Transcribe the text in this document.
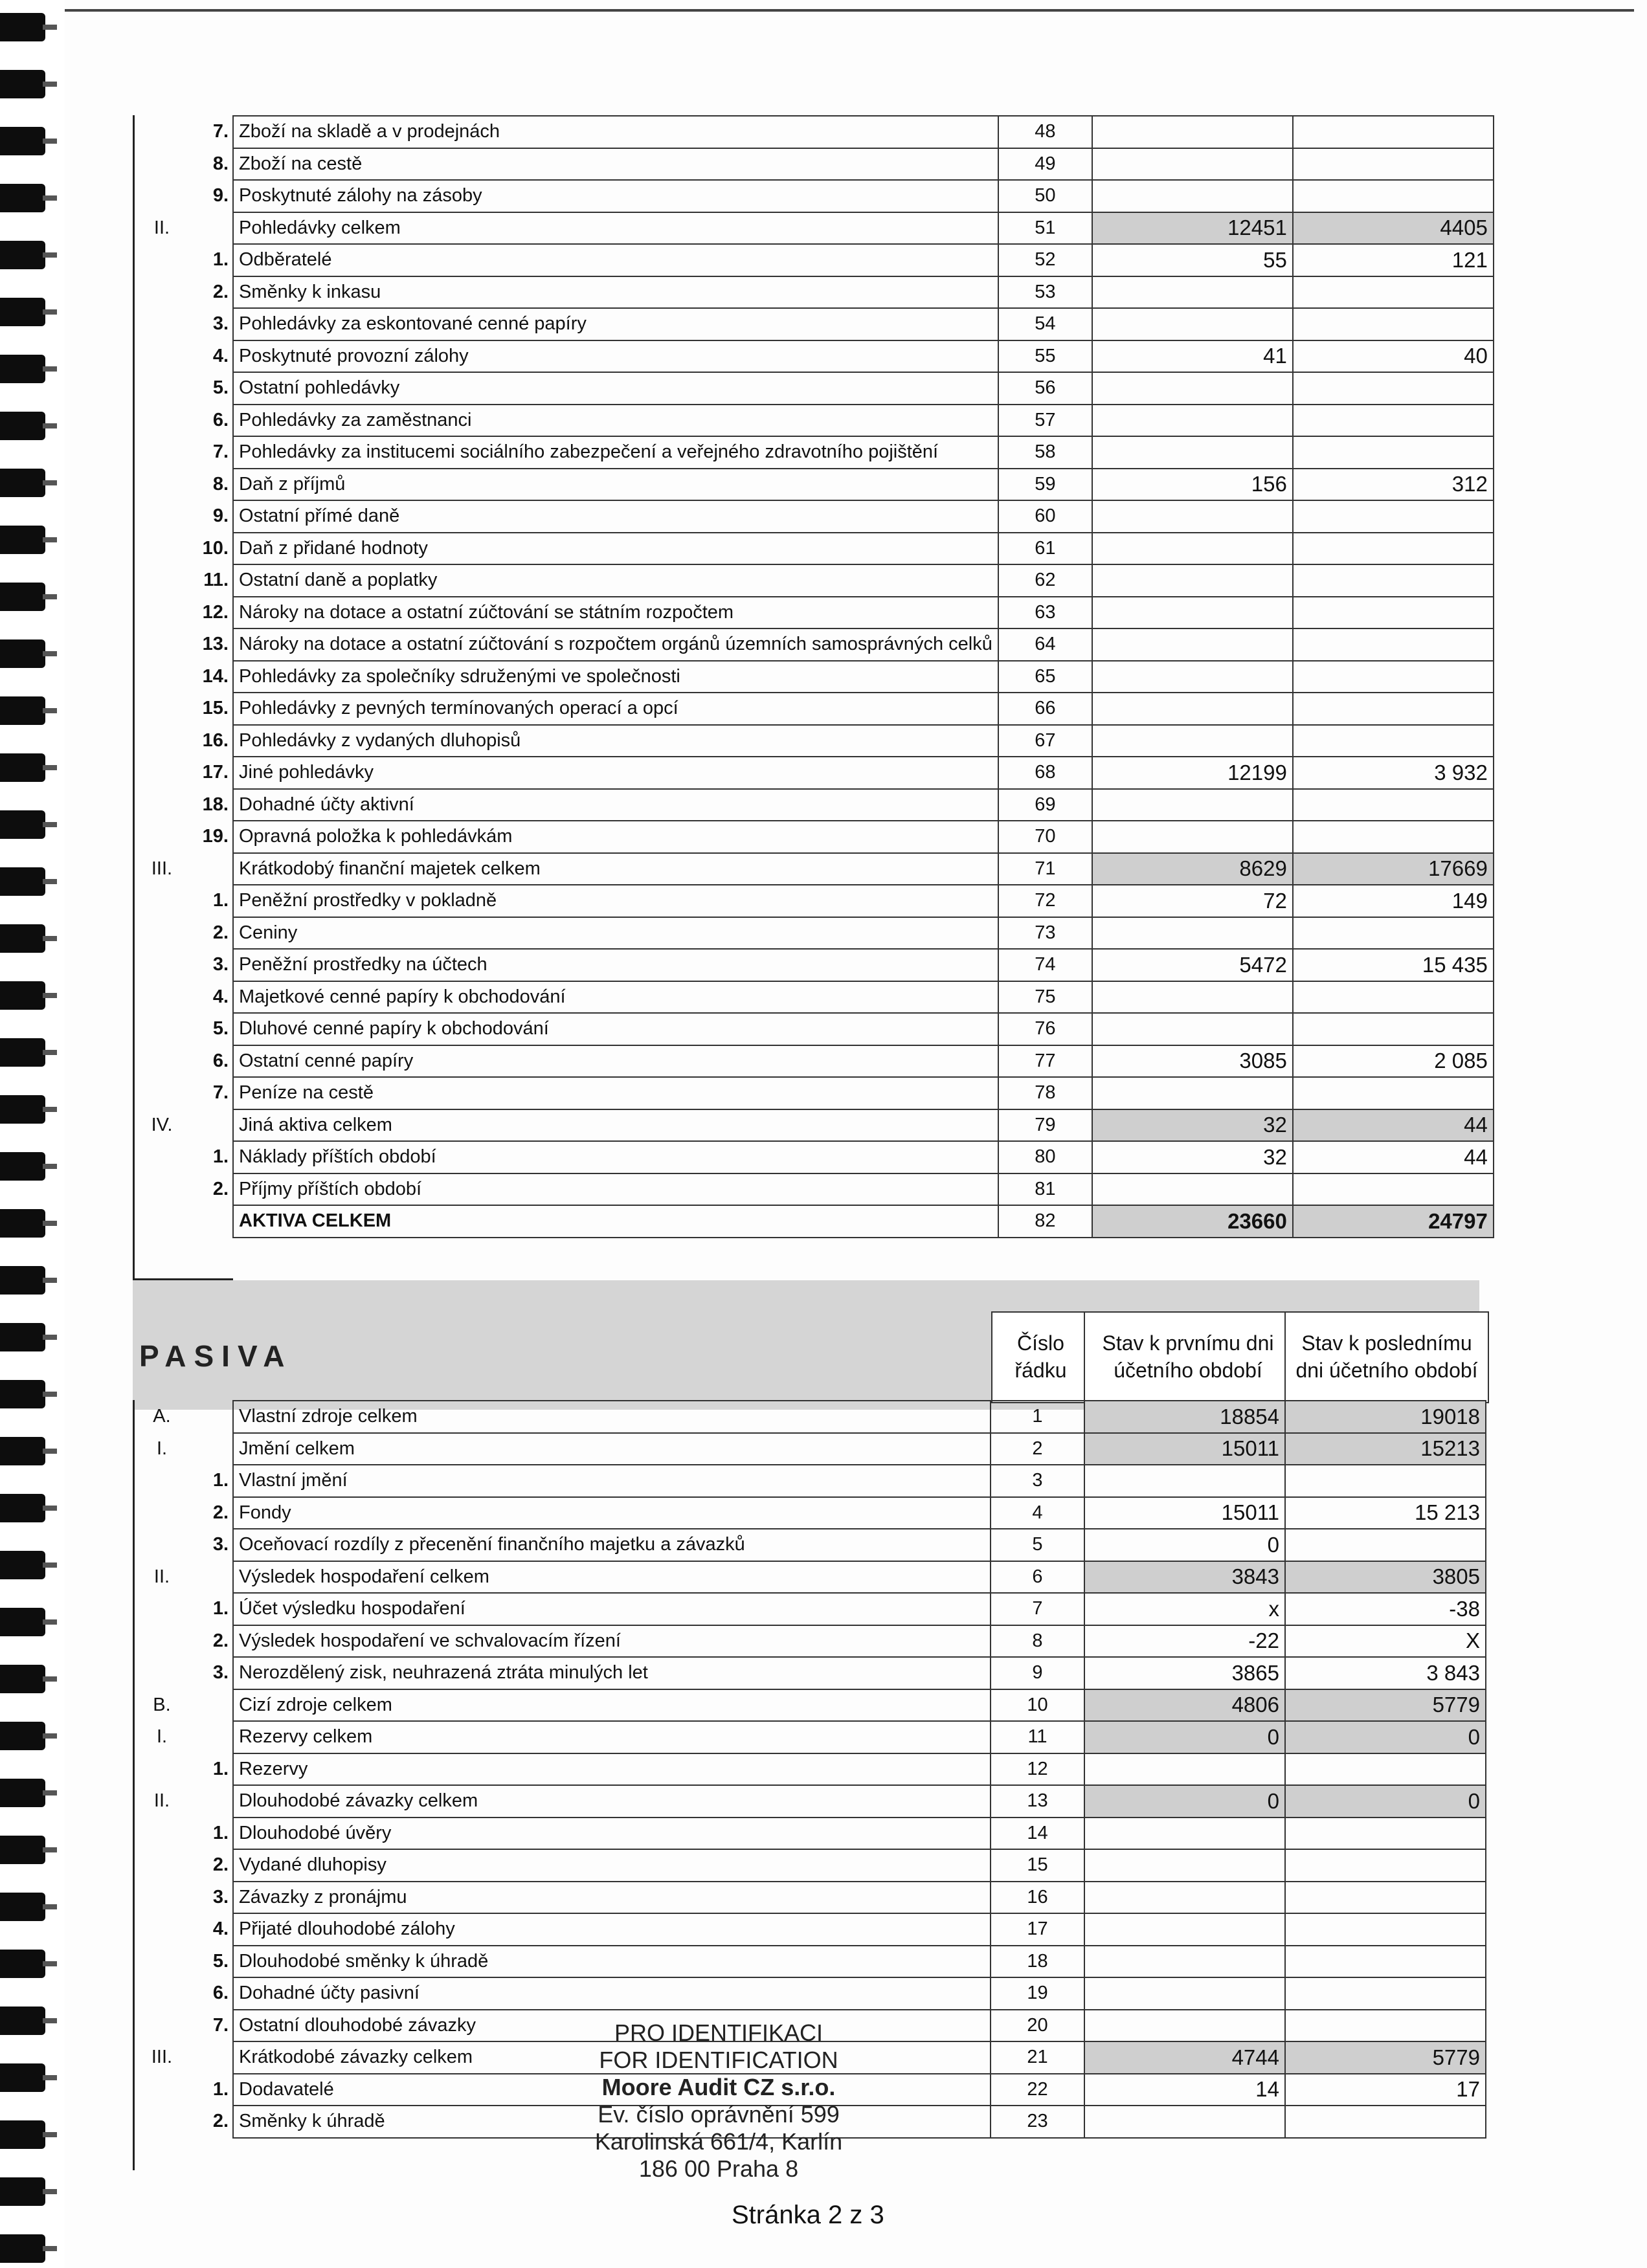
	7.	Zboží na skladě a v prodejnách	48		
	8.	Zboží na cestě	49		
	9.	Poskytnuté zálohy na zásoby	50		
II.		Pohledávky celkem	51	12451	4405
	1.	Odběratelé	52	55	121
	2.	Směnky k inkasu	53		
	3.	Pohledávky za eskontované cenné papíry	54		
	4.	Poskytnuté provozní zálohy	55	41	40
	5.	Ostatní pohledávky	56		
	6.	Pohledávky za zaměstnanci	57		
	7.	Pohledávky za institucemi sociálního zabezpečení a veřejného zdravotního pojištění	58		
	8.	Daň z příjmů	59	156	312
	9.	Ostatní přímé daně	60		
	10.	Daň z přidané hodnoty	61		
	11.	Ostatní daně a poplatky	62		
	12.	Nároky na dotace a ostatní zúčtování se státním rozpočtem	63		
	13.	Nároky na dotace a ostatní zúčtování s rozpočtem orgánů územních samosprávných celků	64		
	14.	Pohledávky za společníky sdruženými ve společnosti	65		
	15.	Pohledávky z pevných termínovaných operací a opcí	66		
	16.	Pohledávky z vydaných dluhopisů	67		
	17.	Jiné pohledávky	68	12199	3 932
	18.	Dohadné účty aktivní	69		
	19.	Opravná položka k pohledávkám	70		
III.		Krátkodobý finanční majetek celkem	71	8629	17669
	1.	Peněžní prostředky v pokladně	72	72	149
	2.	Ceniny	73		
	3.	Peněžní prostředky na účtech	74	5472	15 435
	4.	Majetkové cenné papíry k obchodování	75		
	5.	Dluhové cenné papíry k obchodování	76		
	6.	Ostatní cenné papíry	77	3085	2 085
	7.	Peníze na cestě	78		
IV.		Jiná aktiva celkem	79	32	44
	1.	Náklady příštích období	80	32	44
	2.	Příjmy příštích období	81		
		AKTIVA CELKEM	82	23660	24797
PASIVA	Číslo řádku
Stav k prvnímu dni účetního období
Stav k poslednímu dni účetního období
A.		Vlastní zdroje celkem	1	18854	19018
I.		Jmění celkem	2	15011	15213
	1.	Vlastní jmění	3		
	2.	Fondy	4	15011	15 213
	3.	Oceňovací rozdíly z přecenění finančního majetku a závazků	5	0	
II.		Výsledek hospodaření celkem	6	3843	3805
	1.	Účet výsledku hospodaření	7	x	-38
	2.	Výsledek hospodaření ve schvalovacím řízení	8	-22	X
	3.	Nerozdělený zisk, neuhrazená ztráta minulých let	9	3865	3 843
B.		Cizí zdroje celkem	10	4806	5779
I.		Rezervy celkem	11	0	0
	1.	Rezervy	12		
II.		Dlouhodobé závazky celkem	13	0	0
	1.	Dlouhodobé úvěry	14		
	2.	Vydané dluhopisy	15		
	3.	Závazky z pronájmu	16		
	4.	Přijaté dlouhodobé zálohy	17		
	5.	Dlouhodobé směnky k úhradě	18		
	6.	Dohadné účty pasivní	19		
	7.	Ostatní dlouhodobé závazky	20		
III.		Krátkodobé závazky celkem	21	4744	5779
	1.	Dodavatelé	22	14	17
	2.	Směnky k úhradě	23		
PRO IDENTIFIKACI
FOR IDENTIFICATION
Moore Audit CZ s.r.o.
Ev. číslo oprávnění 599
Karolinská 661/4, Karlín
186 00 Praha 8
Stránka 2 z 3
